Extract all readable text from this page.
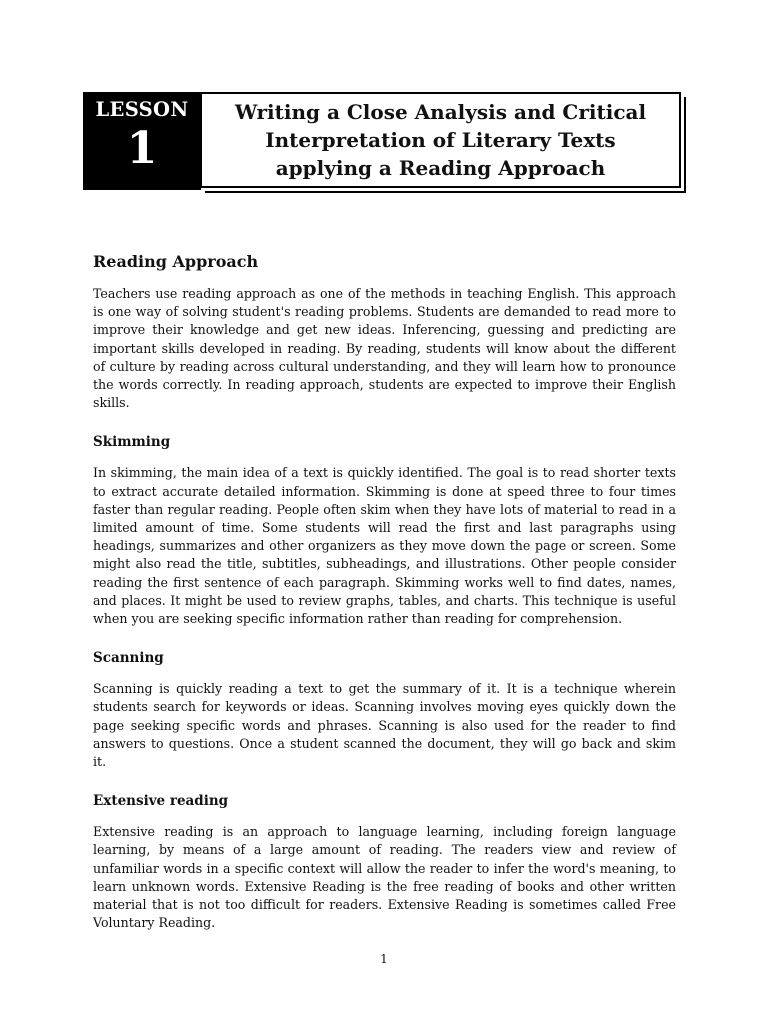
LESSON
1
Writing a Close Analysis and Critical
Interpretation of Literary Texts
applying a Reading Approach
Reading Approach

Teachers use reading approach as one of the methods in teaching English. This approach is one way of solving student's reading problems. Students are demanded to read more to improve their knowledge and get new ideas. Inferencing, guessing and predicting are important skills developed in reading. By reading, students will know about the different of culture by reading across cultural understanding, and they will learn how to pronounce the words correctly. In reading approach, students are expected to improve their English skills.

Skimming

In skimming, the main idea of a text is quickly identified. The goal is to read shorter texts to extract accurate detailed information. Skimming is done at speed three to four times faster than regular reading. People often skim when they have lots of material to read in a limited amount of time. Some students will read the first and last paragraphs using headings, summarizes and other organizers as they move down the page or screen. Some might also read the title, subtitles, subheadings, and illustrations. Other people consider reading the first sentence of each paragraph. Skimming works well to find dates, names, and places. It might be used to review graphs, tables, and charts. This technique is useful when you are seeking specific information rather than reading for comprehension.

Scanning

Scanning is quickly reading a text to get the summary of it. It is a technique wherein students search for keywords or ideas. Scanning involves moving eyes quickly down the page seeking specific words and phrases. Scanning is also used for the reader to find answers to questions. Once a student scanned the document, they will go back and skim it.

Extensive reading

Extensive reading is an approach to language learning, including foreign language learning, by means of a large amount of reading. The readers view and review of unfamiliar words in a specific context will allow the reader to infer the word's meaning, to learn unknown words. Extensive Reading is the free reading of books and other written material that is not too difficult for readers. Extensive Reading is sometimes called Free Voluntary Reading.

1
